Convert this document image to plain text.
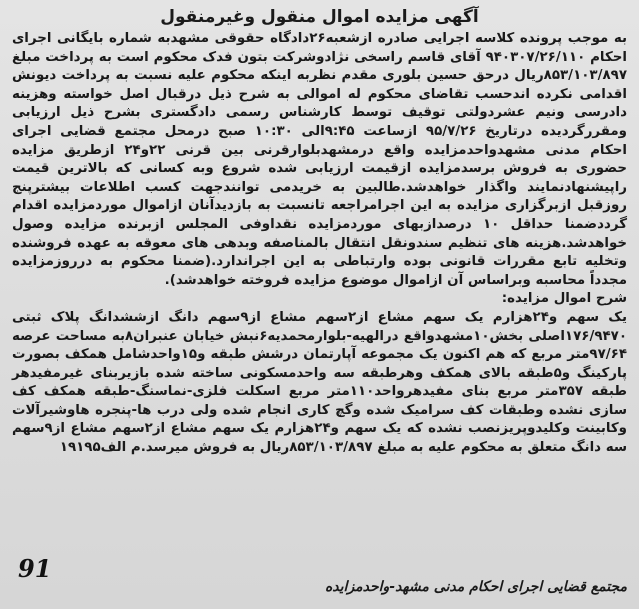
آگهی مزایده اموال منقول وغیرمنقول

به موجب پرونده کلاسه اجرایی صادره ازشعبه۲۶دادگاه حقوقی مشهدبه شماره بایگانی اجرای احکام ۹۴۰۳۰۷/۲۶/۱۱۰ آقای قاسم راسخی نژادوشرکت بتون فدک محکوم است به پرداخت مبلغ ۸۵۳/۱۰۳/۸۹۷ریال درحق حسین بلوری مقدم نظربه اینکه محکوم علیه نسبت به پرداخت دیونش اقدامی نکرده اندحسب تقاضای محکوم له اموالی به شرح ذیل درقبال اصل خواسته وهزینه دادرسی ونیم عشردولتی توقیف توسط کارشناس رسمی دادگستری بشرح ذیل ارزیابی ومقررگردیده درتاریخ ۹۵/۷/۲۶ ازساعت ۹:۴۵الی ۱۰:۳۰ صبح درمحل مجتمع قضایی اجرای احکام مدنی مشهدواحدمزایده واقع درمشهدبلوارقرنی بین قرنی ۲۲و۲۴ ازطریق مزایده حضوری به فروش برسدمزایده ازقیمت ارزیابی شده شروع وبه کسانی که بالاترین قیمت راپیشنهادنمایند واگذار خواهدشد.طالبین به خریدمی توانندجهت کسب اطلاعات بیشترپنج روزقبل ازبرگزاری مزایده به این اجرامراجعه تانسبت به بازدیدآنان ازاموال موردمزایده اقدام گرددضمنا حداقل ۱۰ درصدازبهای موردمزایده نقداوفی المجلس ازبرنده مزایده وصول خواهدشد.هزینه های تنظیم سندونقل انتقال بالمناصفه وبدهی های معوقه به عهده فروشنده وتخلیه تابع مقررات قانونی بوده وارتباطی به این اجراندارد.(ضمنا محکوم به درروزمزایده مجدداً محاسبه وبراساس آن ازاموال موضوع مزایده فروخته خواهدشد).

شرح اموال مزایده:

یک سهم و۲۴هزارم یک سهم مشاع از۲سهم مشاع از۹سهم دانگ ازششدانگ پلاک ثبتی ۱۷۶/۹۴۷۰اصلی بخش۱۰مشهدواقع درالهیه-بلوارمحمدیه۶نبش خیابان عنبران۸به مساحت عرصه ۹۷/۶۴متر مربع که هم اکنون یک مجموعه آپارتمان درشش طبقه و۱۵واحدشامل همکف بصورت پارکینگ و۵طبقه بالای همکف وهرطبقه سه واحدمسکونی ساخته شده بازیربنای غیرمفیدهر طبقه ۳۵۷متر مربع بنای مفیدهرواحد۱۱۰متر مربع اسکلت فلزی-نماسنگ-طبقه همکف کف سازی نشده وطبقات کف سرامیک شده وگچ کاری انجام شده ولی درب ها-پنجره هاوشیرآلات وکابینت وکلیدوپریزنصب نشده که یک سهم و۲۴هزارم یک سهم مشاع از۲سهم مشاع از۹سهم سه دانگ متعلق به محکوم علیه به مبلغ ۸۵۳/۱۰۳/۸۹۷ریال به فروش میرسد.م الف۱۹۱۹۵

مجتمع قضایی اجرای احکام مدنی مشهد-واحدمزایده
91
